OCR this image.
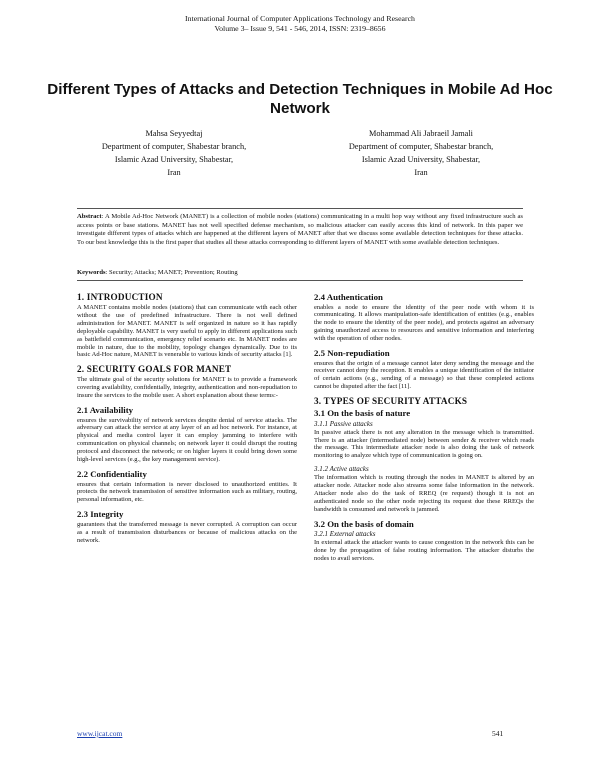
International Journal of Computer Applications Technology and Research
Volume 3– Issue 9, 541 - 546, 2014, ISSN: 2319–8656
Different Types of Attacks and Detection Techniques in Mobile Ad Hoc Network
Mahsa Seyyedtaj
Department of computer, Shabestar branch,
Islamic Azad University, Shabestar,
Iran
Mohammad Ali Jabraeil Jamali
Department of computer, Shabestar branch,
Islamic Azad University, Shabestar,
Iran
Abstract: A Mobile Ad-Hoc Network (MANET) is a collection of mobile nodes (stations) communicating in a multi hop way without any fixed infrastructure such as access points or base stations. MANET has not well specified defense mechanism, so malicious attacker can easily access this kind of network. In this paper we investigate different types of attacks which are happened at the different layers of MANET after that we discuss some available detection techniques for these attacks. To our best knowledge this is the first paper that studies all these attacks corresponding to different layers of MANET with some available detection techniques.
Keywords: Security; Attacks; MANET; Prevention; Routing
1. INTRODUCTION

A MANET contains mobile nodes (stations) that can communicate with each other without the use of predefined infrastructure. There is not well defined administration for MANET. MANET is self organized in nature so it has rapidly deployable capability. MANET is very useful to apply in different applications such as battlefield communication, emergency relief scenario etc. In MANET nodes are mobile in nature, due to the mobility, topology changes dynamically. Due to its basic Ad-Hoc nature, MANET is venerable to various kinds of security attacks [1].

2. SECURITY GOALS FOR MANET

The ultimate goal of the security solutions for MANET is to provide a framework covering availability, confidentially, integrity, authentication and non-repudiation to insure the services to the mobile user. A short explanation about these terms:-

2.1 Availability

ensures the survivability of network services despite denial of service attacks. The adversary can attack the service at any layer of an ad hoc network. For instance, at physical and media control layer it can employ jamming to interfere with communication on physical channels; on network layer it could disrupt the routing protocol and disconnect the network; or on higher layers it could bring down some high-level services (e.g., the key management service).

2.2 Confidentiality

ensures that certain information is never disclosed to unauthorized entities. It protects the network transmission of sensitive information such as military, routing, personal information, etc.

2.3 Integrity

guarantees that the transferred message is never corrupted. A corruption can occur as a result of transmission disturbances or because of malicious attacks on the network.

2.4 Authentication

enables a node to ensure the identity of the peer node with whom it is communicating. It allows manipulation-safe identification of entities (e.g., enables the node to ensure the identity of the peer node), and protects against an adversary gaining unauthorized access to resources and sensitive information and interfering with the operation of other nodes.

2.5 Non-repudiation

ensures that the origin of a message cannot later deny sending the message and the receiver cannot deny the reception. It enables a unique identification of the initiator of certain actions (e.g., sending of a message) so that these completed actions cannot be disputed after the fact [11].

3. TYPES OF SECURITY ATTACKS
3.1 On the basis of nature
3.1.1 Passive attacks

In passive attack there is not any alteration in the message which is transmitted. There is an attacker (intermediated node) between sender & receiver which reads the message. This intermediate attacker node is also doing the task of network monitoring to analyze which type of communication is going on.

3.1.2 Active attacks

The information which is routing through the nodes in MANET is altered by an attacker node. Attacker node also streams some false information in the network. Attacker node also do the task of RREQ (re request) though it is not an authenticated node so the other node rejecting its request due these RREQs the bandwidth is consumed and network is jammed.

3.2 On the basis of domain
3.2.1 External attacks

In external attack the attacker wants to cause congestion in the network this can be done by the propagation of false routing information. The attacker disturbs the nodes to avail services.

www.ijcat.com	541
